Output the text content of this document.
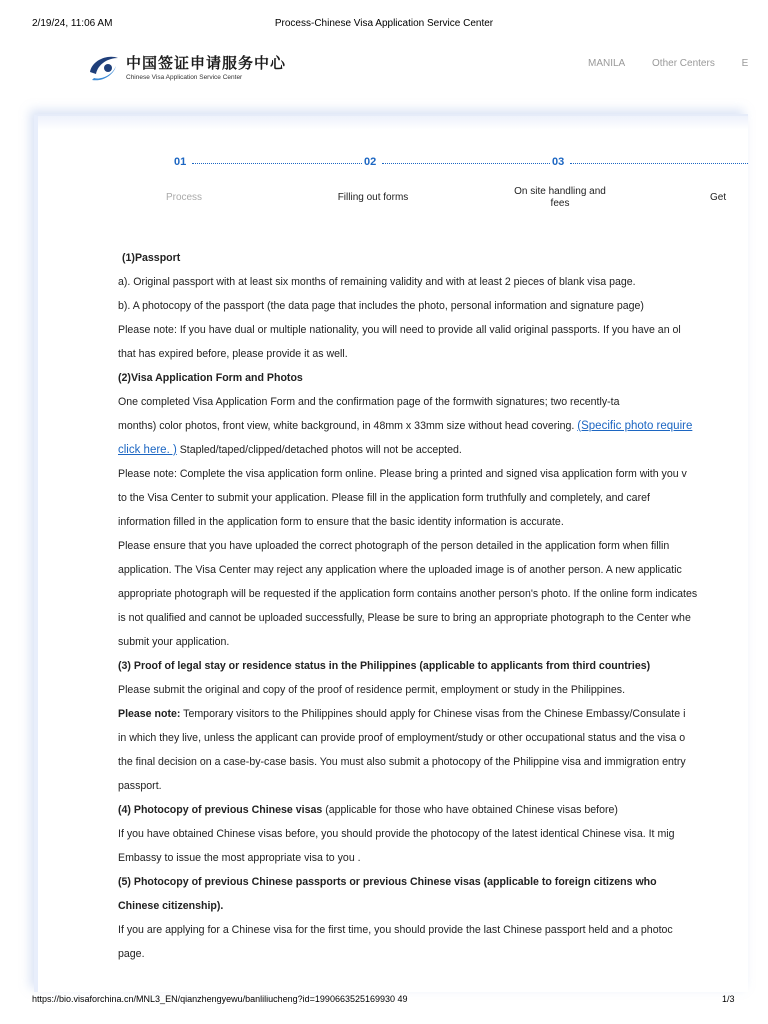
2/19/24, 11:06 AM	Process-Chinese Visa Application Service Center
中国签证申请服务中心
Chinese Visa Application Service Center
MANILA	Other Centers	E
01	02	03
Process	Filling out forms
On site handling and fees
Get

(1)Passport

a). Original passport with at least six months of remaining validity and with at least 2 pieces of blank visa page.

b). A photocopy of the passport (the data page that includes the photo, personal information and signature page)

Please note: If you have dual or multiple nationality, you will need to provide all valid original passports. If you have an ol

that has expired before, please provide it as well.

(2)Visa Application Form and Photos

One completed Visa Application Form and the confirmation page of the formwith signatures; two recently-ta

months) color photos, front view, white background, in 48mm x 33mm size without head covering. (Specific photo require

click here. ) Stapled/taped/clipped/detached photos will not be accepted.

Please note: Complete the visa application form online. Please bring a printed and signed visa application form with you v

to the Visa Center to submit your application. Please fill in the application form truthfully and completely, and caref

information filled in the application form to ensure that the basic identity information is accurate.

Please ensure that you have uploaded the correct photograph of the person detailed in the application form when fillin

application. The Visa Center may reject any application where the uploaded image is of another person. A new applicatic

appropriate photograph will be requested if the application form contains another person's photo. If the online form indicates

is not qualified and cannot be uploaded successfully, Please be sure to bring an appropriate photograph to the Center whe

submit your application.

(3) Proof of legal stay or residence status in the Philippines (applicable to applicants from third countries)

Please submit the original and copy of the proof of residence permit, employment or study in the Philippines.

Please note: Temporary visitors to the Philippines should apply for Chinese visas from the Chinese Embassy/Consulate i

in which they live, unless the applicant can provide proof of employment/study or other occupational status and the visa o

the final decision on a case-by-case basis. You must also submit a photocopy of the Philippine visa and immigration entry

passport.

(4) Photocopy of previous Chinese visas (applicable for those who have obtained Chinese visas before)

If you have obtained Chinese visas before, you should provide the photocopy of the latest identical Chinese visa. It mig

Embassy to issue the most appropriate visa to you .

(5) Photocopy of previous Chinese passports or previous Chinese visas (applicable to foreign citizens who

Chinese citizenship).

If you are applying for a Chinese visa for the first time, you should provide the last Chinese passport held and a photoc

page.

https://bio.visaforchina.cn/MNL3_EN/qianzhengyewu/banliliucheng?id=1990663525169930 49	1/3
